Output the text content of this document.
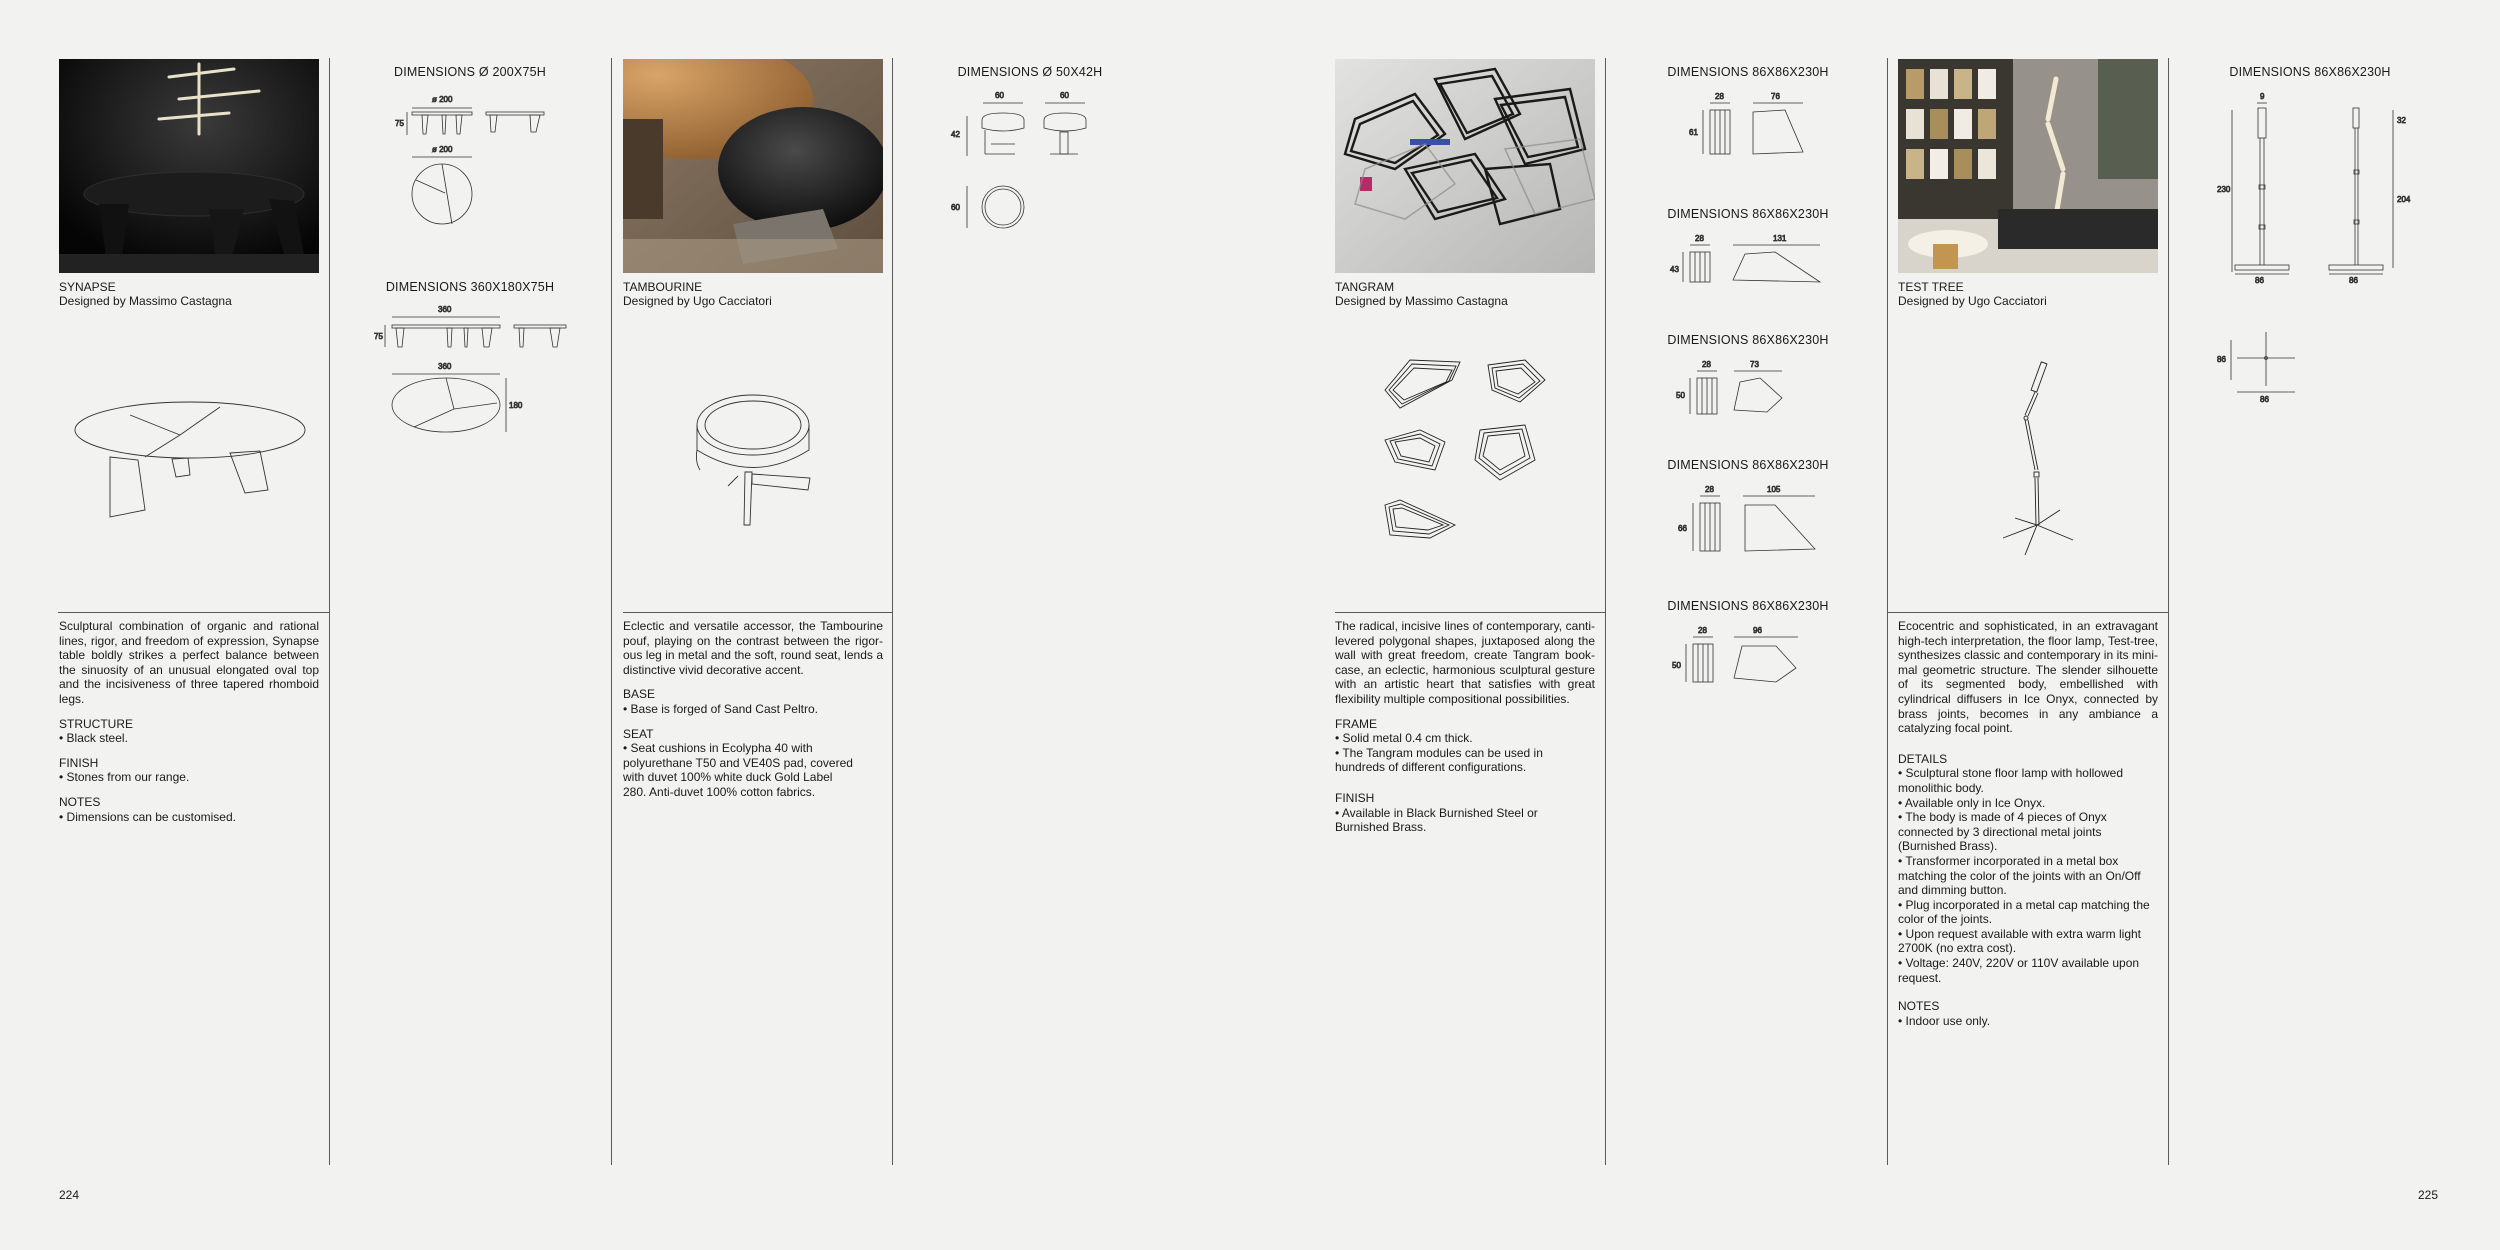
SYNAPSE
Designed by Massimo Castagna

Sculptural combination of organic and rational lines, rigor, and freedom of expression, Synapse table boldly strikes a perfect balance between the sinuosity of an unusual elongated oval top and the incisiveness of three tapered rhomboid legs.

STRUCTURE
• Black steel.
FINISH
• Stones from our range.
NOTES
• Dimensions can be customised.
DIMENSIONS Ø 200X75H
ø 200
75
ø 200
DIMENSIONS 360X180X75H
360
75
360
180
TAMBOURINE
Designed by Ugo Cacciatori

Eclectic and versatile accessor, the Tambourine pouf, playing on the contrast between the rigor-ous leg in metal and the soft, round seat, lends a distinctive vivid decorative accent.

BASE
• Base is forged of Sand Cast Peltro.
SEAT
• Seat cushions in Ecolypha 40 with polyurethane T50 and VE40S pad, covered with duvet 100% white duck Gold Label 280. Anti-duvet 100% cotton fabrics.
DIMENSIONS Ø 50X42H
60	60
42
60
TANGRAM
Designed by Massimo Castagna

The radical, incisive lines of contemporary, canti-levered polygonal shapes, juxtaposed along the wall with great freedom, create Tangram book-case, an eclectic, harmonious sculptural gesture with an artistic heart that satisfies with great flexibility multiple compositional possibilities.

FRAME
• Solid metal 0.4 cm thick.
• The Tangram modules can be used in hundreds of different configurations.
FINISH
• Available in Black Burnished Steel or Burnished Brass.
DIMENSIONS 86X86X230H
28	76
61
DIMENSIONS 86X86X230H
28	131
43
DIMENSIONS 86X86X230H
28	73
50
DIMENSIONS 86X86X230H
28	105
66
DIMENSIONS 86X86X230H
28	96
50
TEST TREE
Designed by Ugo Cacciatori

Ecocentric and sophisticated, in an extravagant high-tech interpretation, the floor lamp, Test-tree, synthesizes classic and contemporary in its mini-mal geometric structure. The slender silhouette of its segmented body, embellished with cylindrical diffusers in Ice Onyx, connected by brass joints, becomes in any ambiance a catalyzing focal point.

DETAILS
• Sculptural stone floor lamp with hollowed monolithic body.
• Available only in Ice Onyx.
• The body is made of 4 pieces of Onyx connected by 3 directional metal joints (Burnished Brass).
• Transformer incorporated in a metal box matching the color of the joints with an On/Off and dimming button.
• Plug incorporated in a metal cap matching the color of the joints.
• Upon request available with extra warm light 2700K (no extra cost).
• Voltage: 240V, 220V or 110V available upon request.
NOTES
• Indoor use only.
DIMENSIONS 86X86X230H
9
230
86	86
32
204
86
86
224	225
